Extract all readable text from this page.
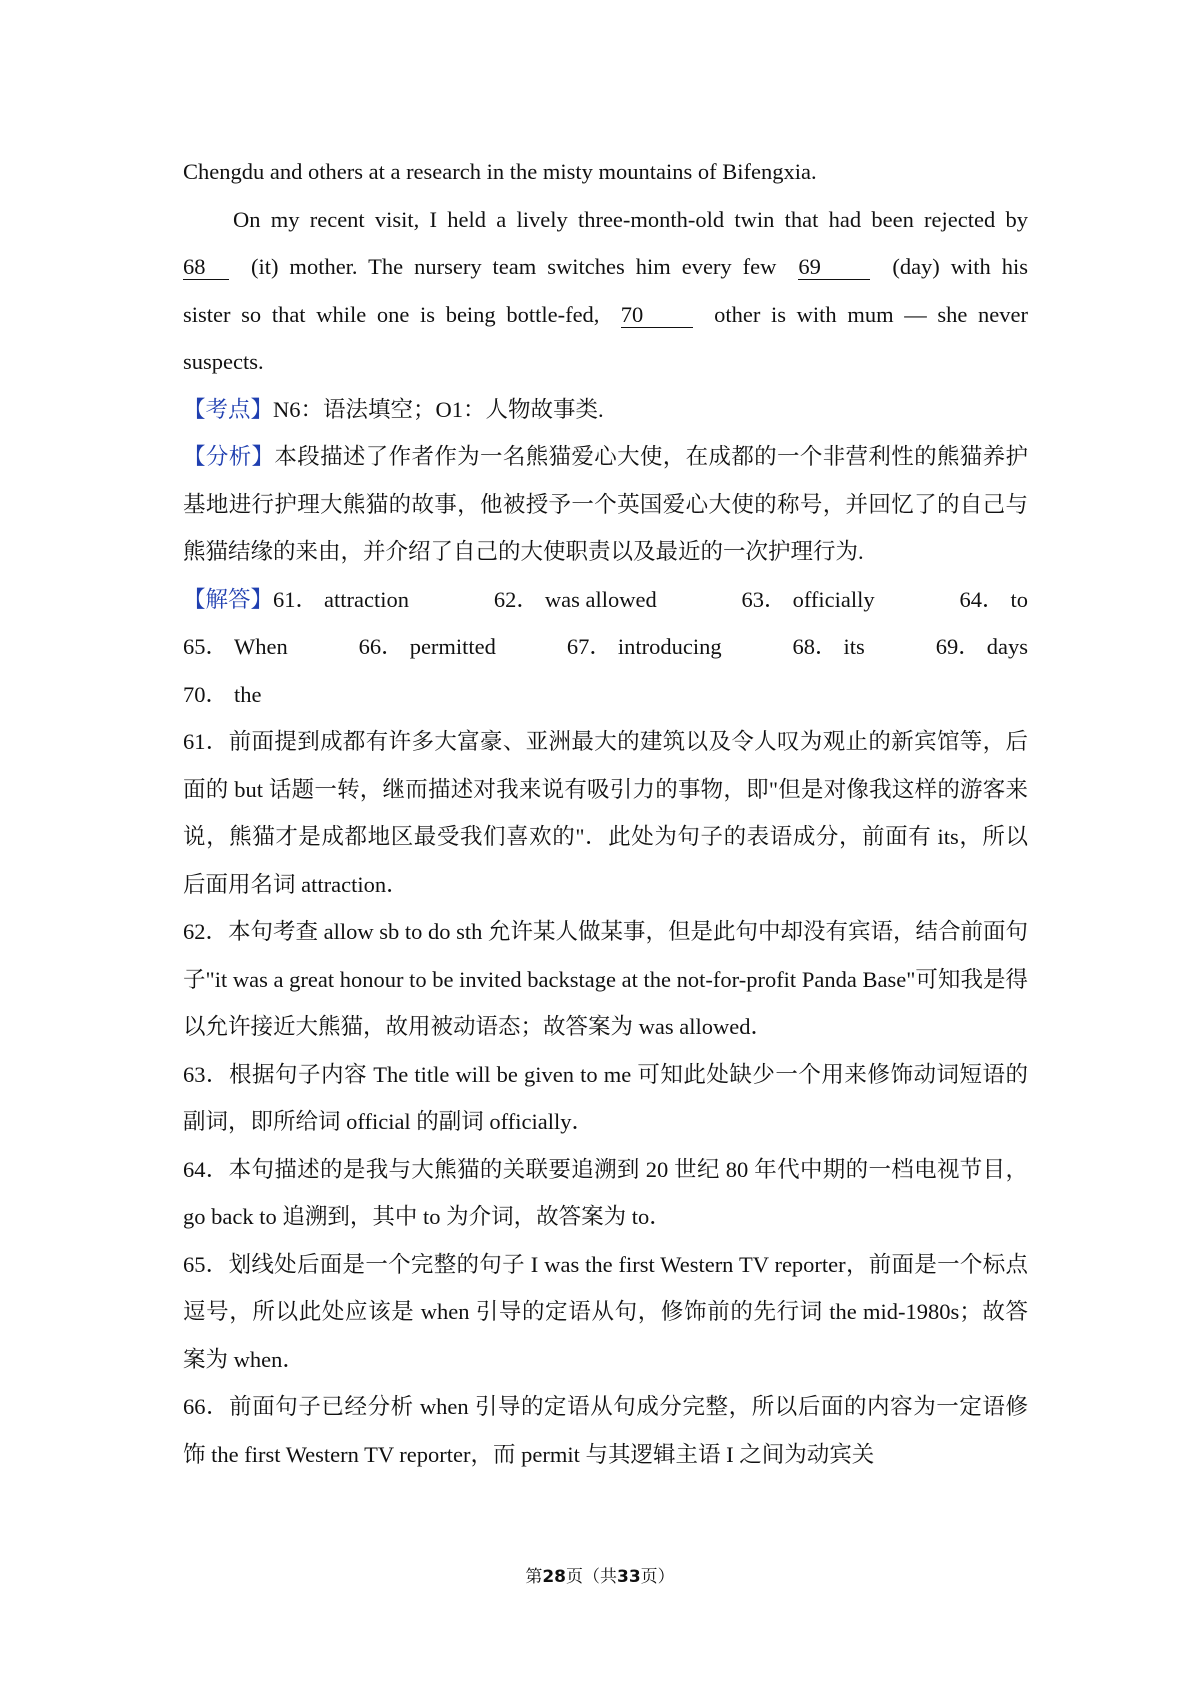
Chengdu and others at a research in the misty mountains of Bifengxia.

On my recent visit, I held a lively three-month-old twin that had been rejected by

68 (it) mother. The nursery team switches him every few 69	(day) with his

sister so that while one is being bottle-fed, 70	other is with mum — she never

suspects.

【考点】N6：语法填空；O1：人物故事类.

【分析】本段描述了作者作为一名熊猫爱心大使，在成都的一个非营利性的熊猫养护基地进行护理大熊猫的故事，他被授予一个英国爱心大使的称号，并回忆了的自己与熊猫结缘的来由，并介绍了自己的大使职责以及最近的一次护理行为.

【解答】61． attraction	62． was allowed	63． officially	64． to
65． When	66． permitted	67． introducing	68． its	69． days
70． the

61．前面提到成都有许多大富豪、亚洲最大的建筑以及令人叹为观止的新宾馆等，后面的 but 话题一转，继而描述对我来说有吸引力的事物，即"但是对像我这样的游客来说，熊猫才是成都地区最受我们喜欢的"．此处为句子的表语成分，前面有 its，所以后面用名词 attraction．

62．本句考查 allow sb to do sth 允许某人做某事，但是此句中却没有宾语，结合前面句子"it was a great honour to be invited backstage at the not-for-profit Panda Base"可知我是得以允许接近大熊猫，故用被动语态；故答案为 was allowed．

63．根据句子内容 The title will be given to me 可知此处缺少一个用来修饰动词短语的副词，即所给词 official 的副词 officially．

64．本句描述的是我与大熊猫的关联要追溯到 20 世纪 80 年代中期的一档电视节目，go back to 追溯到，其中 to 为介词，故答案为 to．

65．划线处后面是一个完整的句子 I was the first Western TV reporter，前面是一个标点逗号，所以此处应该是 when 引导的定语从句，修饰前的先行词 the mid-1980s；故答案为 when．

66．前面句子已经分析 when 引导的定语从句成分完整，所以后面的内容为一定语修饰 the first Western TV reporter，而 permit 与其逻辑主语 I 之间为动宾关

第28页（共33页）
